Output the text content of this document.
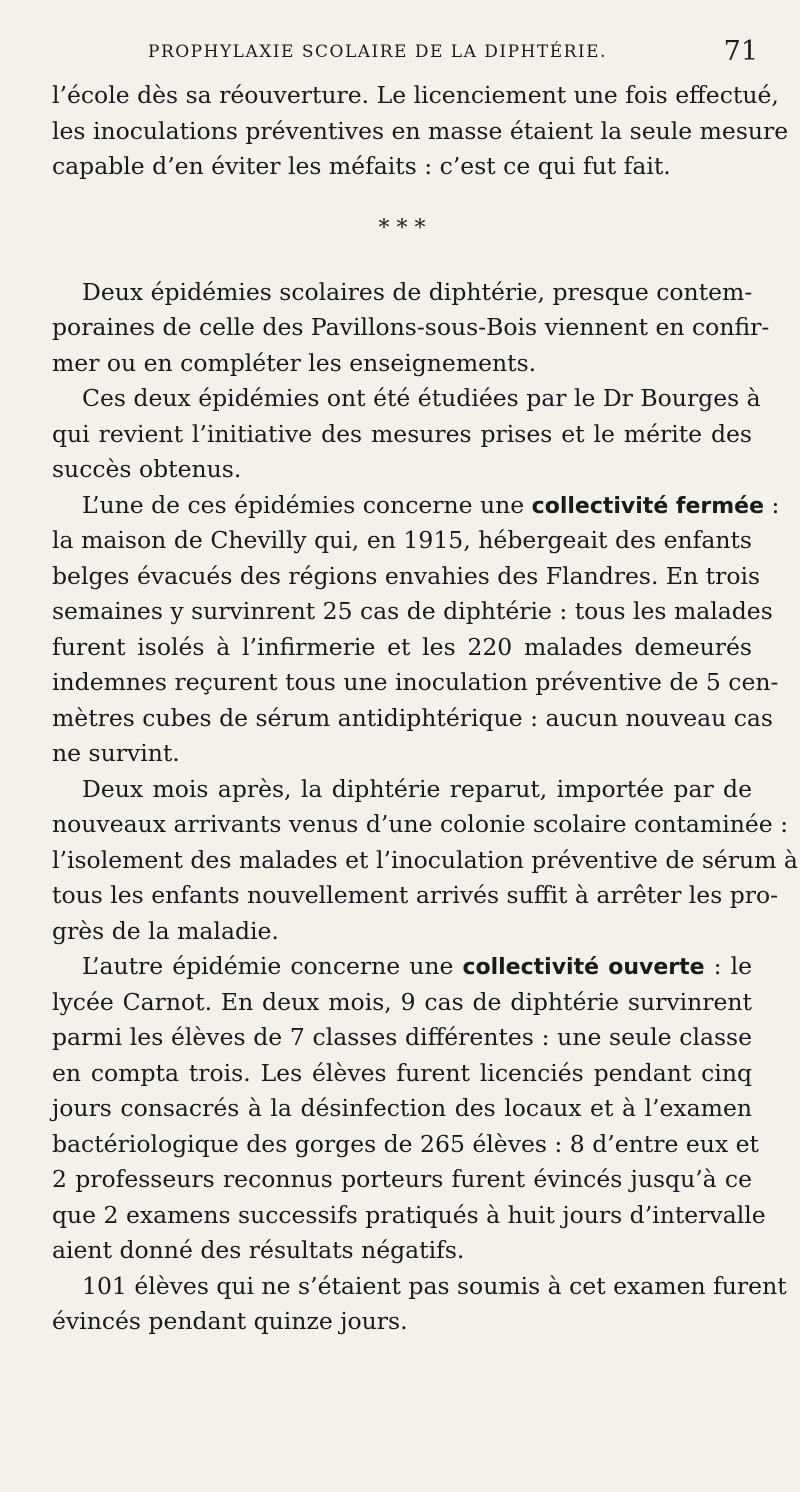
PROPHYLAXIE SCOLAIRE DE LA DIPHTÉRIE.	71
l’école dès sa réouverture. Le licenciement une fois effectué,
les inoculations préventives en masse étaient la seule mesure
capable d’en éviter les méfaits : c’est ce qui fut fait.
* * *
Deux épidémies scolaires de diphtérie, presque contem-
poraines de celle des Pavillons-sous-Bois viennent en confir-
mer ou en compléter les enseignements.
Ces deux épidémies ont été étudiées par le Dr Bourges à
qui revient l’initiative des mesures prises et le mérite des
succès obtenus.
L’une de ces épidémies concerne une collectivité fermée :
la maison de Chevilly qui, en 1915, hébergeait des enfants
belges évacués des régions envahies des Flandres. En trois
semaines y survinrent 25 cas de diphtérie : tous les malades
furent isolés à l’infirmerie et les 220 malades demeurés
indemnes reçurent tous une inoculation préventive de 5 cen-
mètres cubes de sérum antidiphtérique : aucun nouveau cas
ne survint.
Deux mois après, la diphtérie reparut, importée par de
nouveaux arrivants venus d’une colonie scolaire contaminée :
l’isolement des malades et l’inoculation préventive de sérum à
tous les enfants nouvellement arrivés suffit à arrêter les pro-
grès de la maladie.
L’autre épidémie concerne une collectivité ouverte : le
lycée Carnot. En deux mois, 9 cas de diphtérie survinrent
parmi les élèves de 7 classes différentes : une seule classe
en compta trois. Les élèves furent licenciés pendant cinq
jours consacrés à la désinfection des locaux et à l’examen
bactériologique des gorges de 265 élèves : 8 d’entre eux et
2 professeurs reconnus porteurs furent évincés jusqu’à ce
que 2 examens successifs pratiqués à huit jours d’intervalle
aient donné des résultats négatifs.
101 élèves qui ne s’étaient pas soumis à cet examen furent
évincés pendant quinze jours.
